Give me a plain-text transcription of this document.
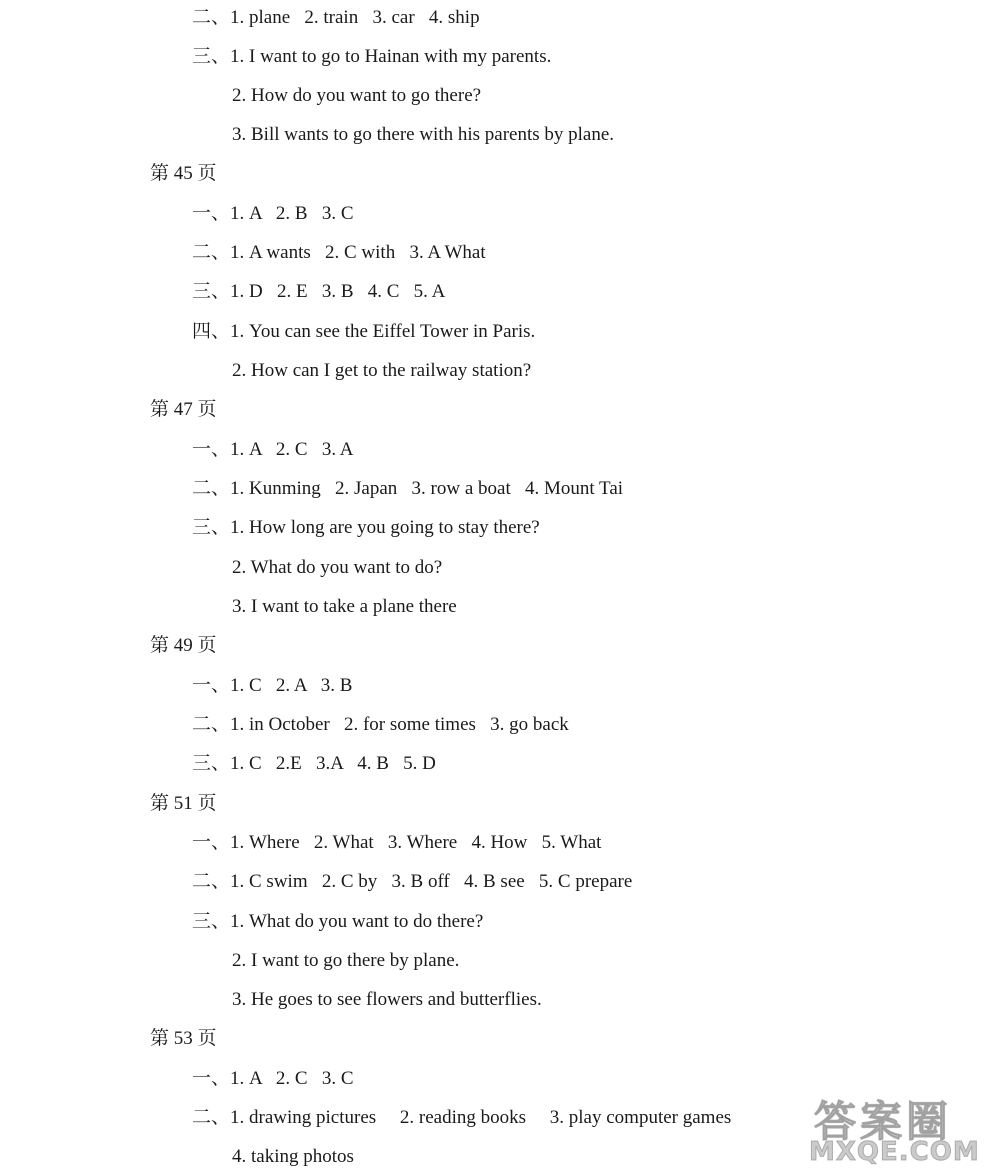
二、1. plane   2. train   3. car   4. ship
三、1. I want to go to Hainan with my parents.
2. How do you want to go there?
3. Bill wants to go there with his parents by plane.
第 45 页
一、1. A   2. B   3. C
二、1. A wants   2. C with   3. A What
三、1. D   2. E   3. B   4. C   5. A
四、1. You can see the Eiffel Tower in Paris.
2. How can I get to the railway station?
第 47 页
一、1. A   2. C   3. A
二、1. Kunming   2. Japan   3. row a boat   4. Mount Tai
三、1. How long are you going to stay there?
2. What do you want to do?
3. I want to take a plane there
第 49 页
一、1. C   2. A   3. B
二、1. in October   2. for some times   3. go back
三、1. C   2.E   3.A   4. B   5. D
第 51 页
一、1. Where   2. What   3. Where   4. How   5. What
二、1. C swim   2. C by   3. B off   4. B see   5. C prepare
三、1. What do you want to do there?
2. I want to go there by plane.
3. He goes to see flowers and butterflies.
第 53 页
一、1. A   2. C   3. C
二、1. drawing pictures     2. reading books     3. play computer games
4. taking photos
答案圈
MXQE.COM
